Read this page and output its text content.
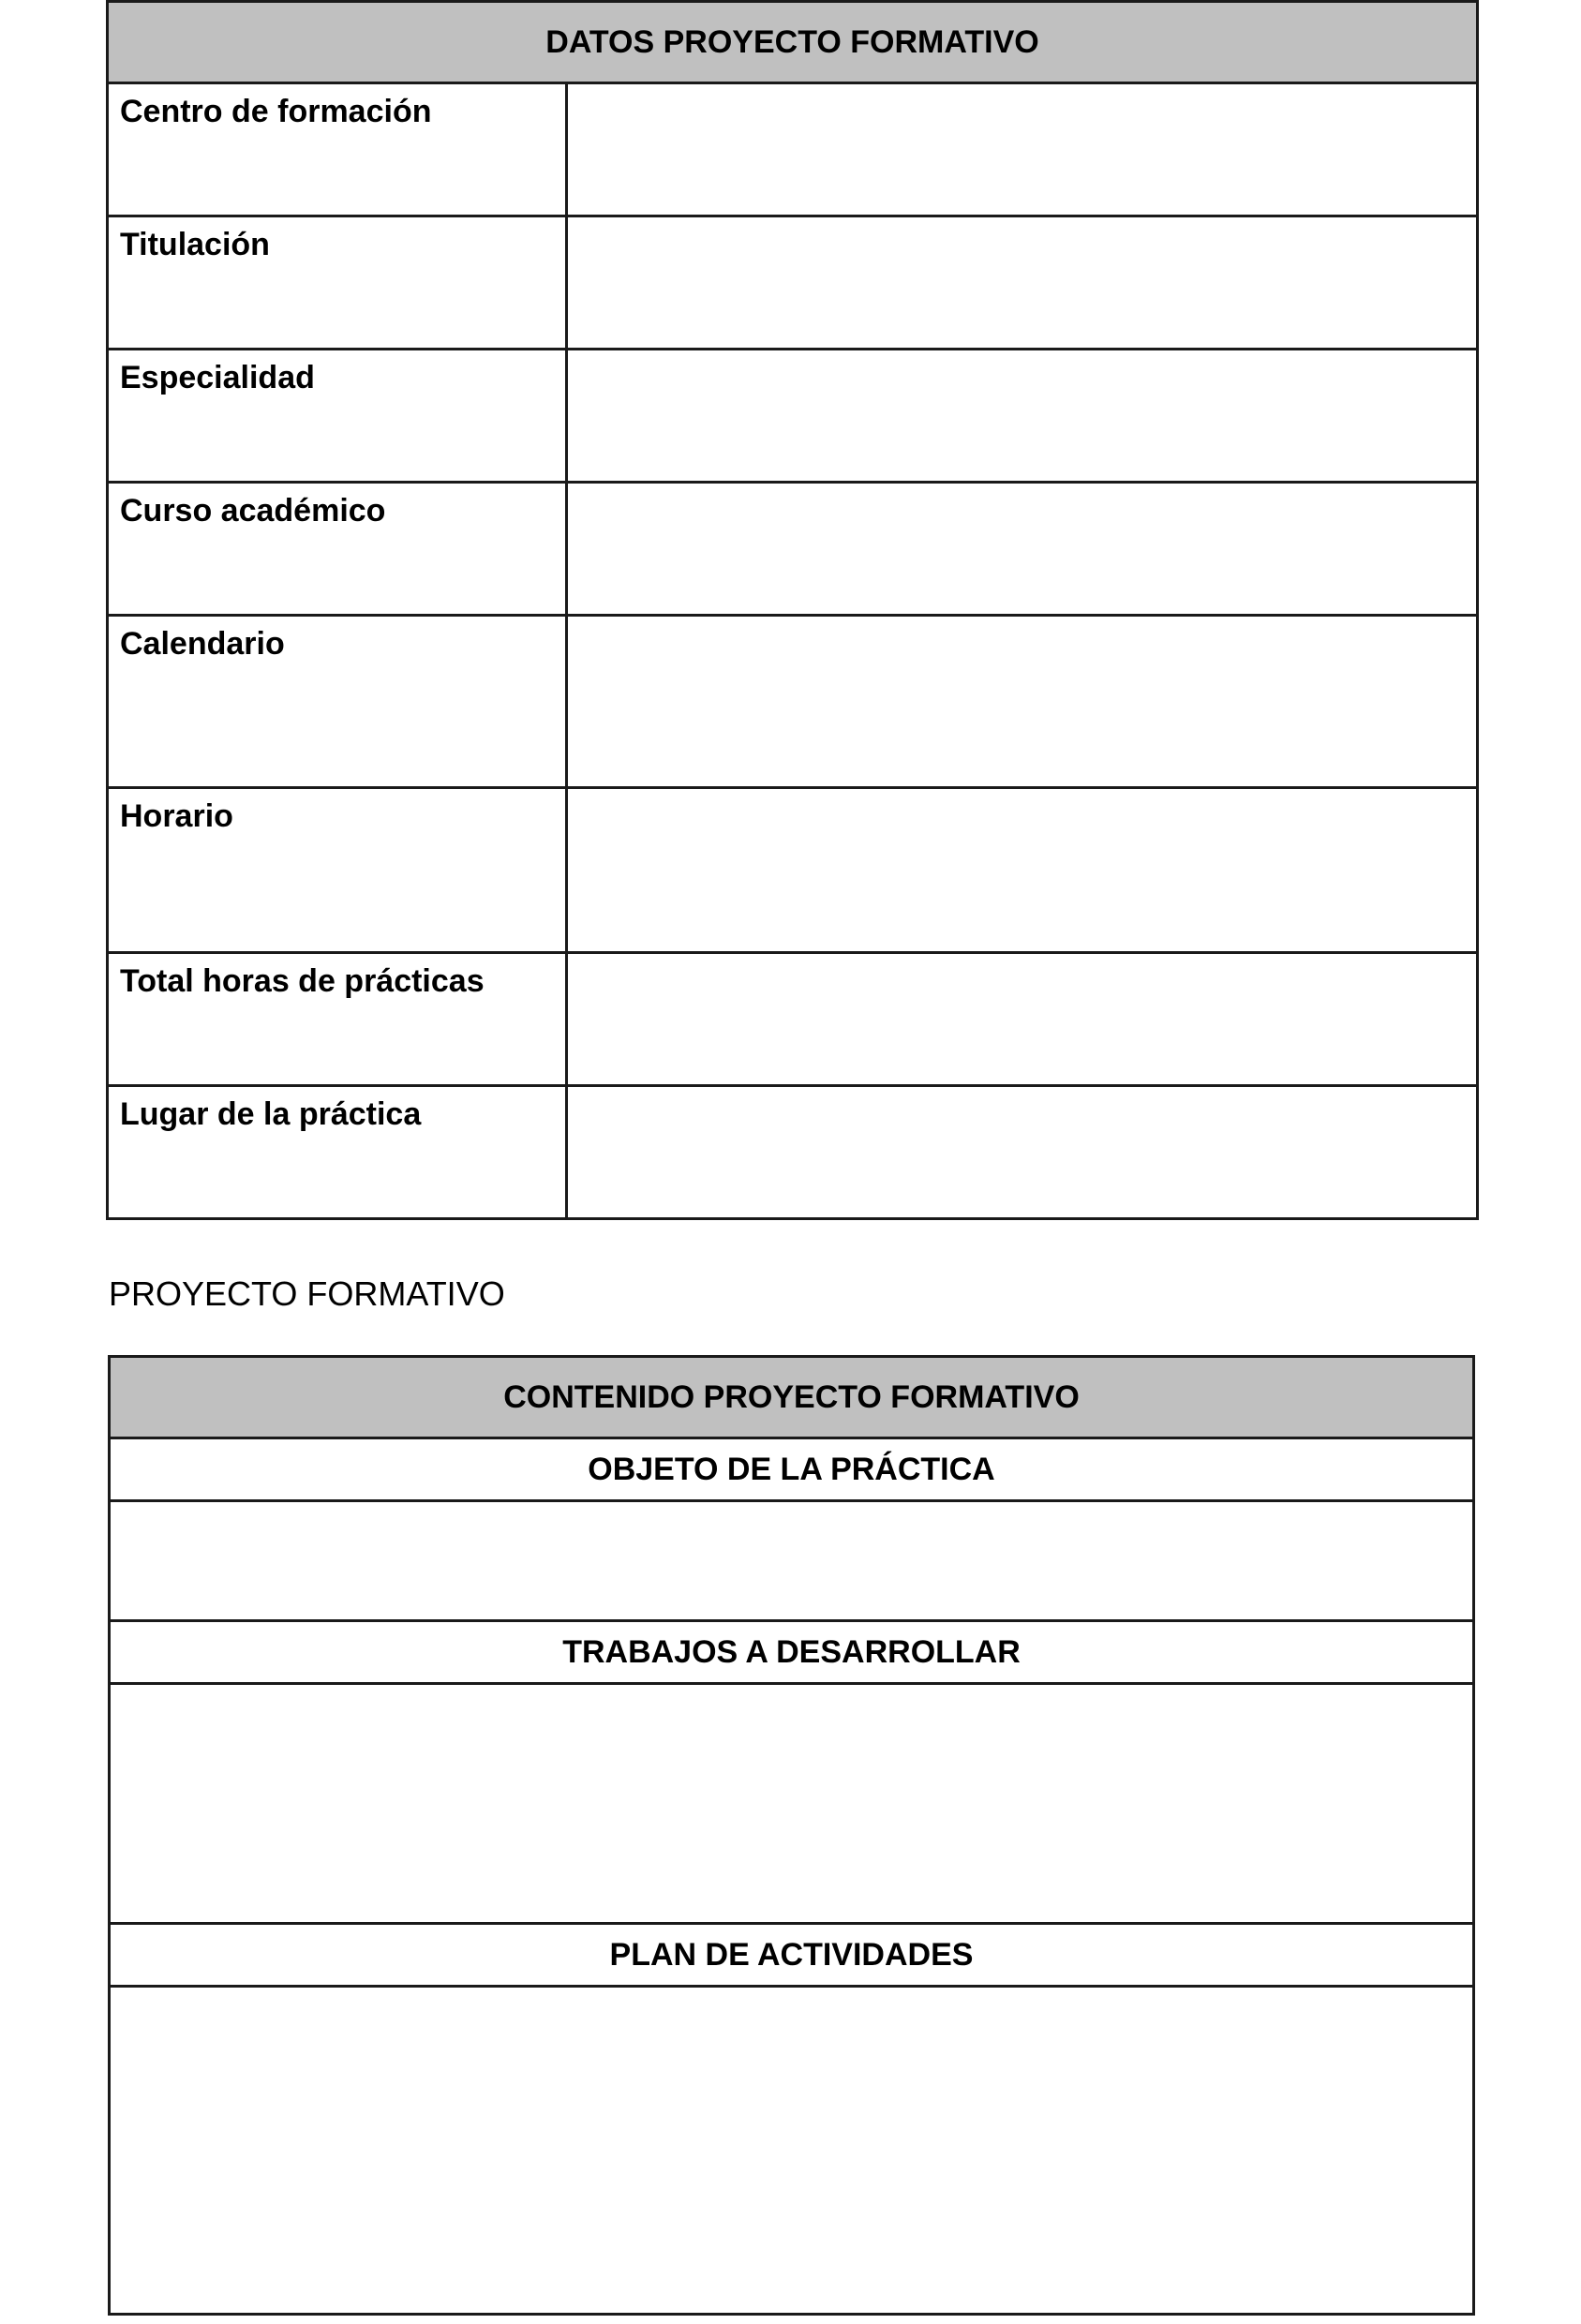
DATOS PROYECTO FORMATIVO	
Centro de formación	
Titulación	
Especialidad	
Curso académico	
Calendario	
Horario	
Total horas de prácticas	
Lugar de la práctica	

PROYECTO FORMATIVO

CONTENIDO PROYECTO FORMATIVO
OBJETO DE LA PRÁCTICA

TRABAJOS A DESARROLLAR

PLAN DE ACTIVIDADES
